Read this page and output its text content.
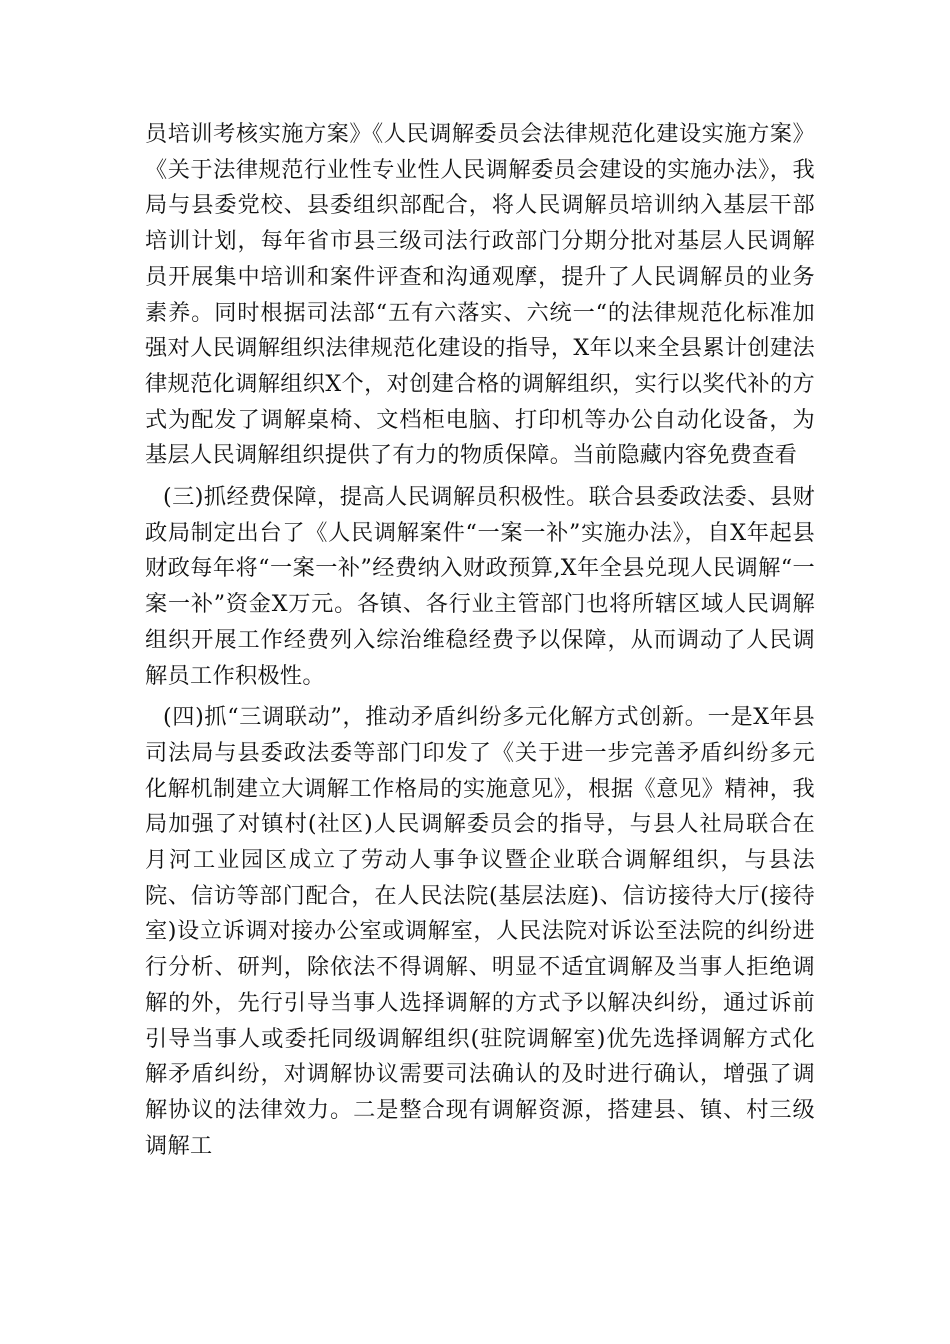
员培训考核实施方案》《人民调解委员会法律规范化建设实施方案》《关于法律规范行业性专业性人民调解委员会建设的实施办法》，我局与县委党校、县委组织部配合，将人民调解员培训纳入基层干部培训计划，每年省市县三级司法行政部门分期分批对基层人民调解员开展集中培训和案件评查和沟通观摩，提升了人民调解员的业务素养。同时根据司法部“五有六落实、六统一“的法律规范化标准加强对人民调解组织法律规范化建设的指导，X年以来全县累计创建法律规范化调解组织X个，对创建合格的调解组织，实行以奖代补的方式为配发了调解桌椅、文档柜电脑、打印机等办公自动化设备，为基层人民调解组织提供了有力的物质保障。当前隐藏内容免费查看

(三)抓经费保障，提高人民调解员积极性。联合县委政法委、县财政局制定出台了《人民调解案件“一案一补”实施办法》，自X年起县财政每年将“一案一补”经费纳入财政预算,X年全县兑现人民调解“一案一补”资金X万元。各镇、各行业主管部门也将所辖区域人民调解组织开展工作经费列入综治维稳经费予以保障，从而调动了人民调解员工作积极性。

(四)抓“三调联动”，推动矛盾纠纷多元化解方式创新。一是X年县司法局与县委政法委等部门印发了《关于进一步完善矛盾纠纷多元化解机制建立大调解工作格局的实施意见》，根据《意见》精神，我局加强了对镇村(社区)人民调解委员会的指导，与县人社局联合在月河工业园区成立了劳动人事争议暨企业联合调解组织，与县法院、信访等部门配合，在人民法院(基层法庭)、信访接待大厅(接待室)设立诉调对接办公室或调解室，人民法院对诉讼至法院的纠纷进行分析、研判，除依法不得调解、明显不适宜调解及当事人拒绝调解的外，先行引导当事人选择调解的方式予以解决纠纷，通过诉前引导当事人或委托同级调解组织(驻院调解室)优先选择调解方式化解矛盾纠纷，对调解协议需要司法确认的及时进行确认，增强了调解协议的法律效力。二是整合现有调解资源，搭建县、镇、村三级调解工
